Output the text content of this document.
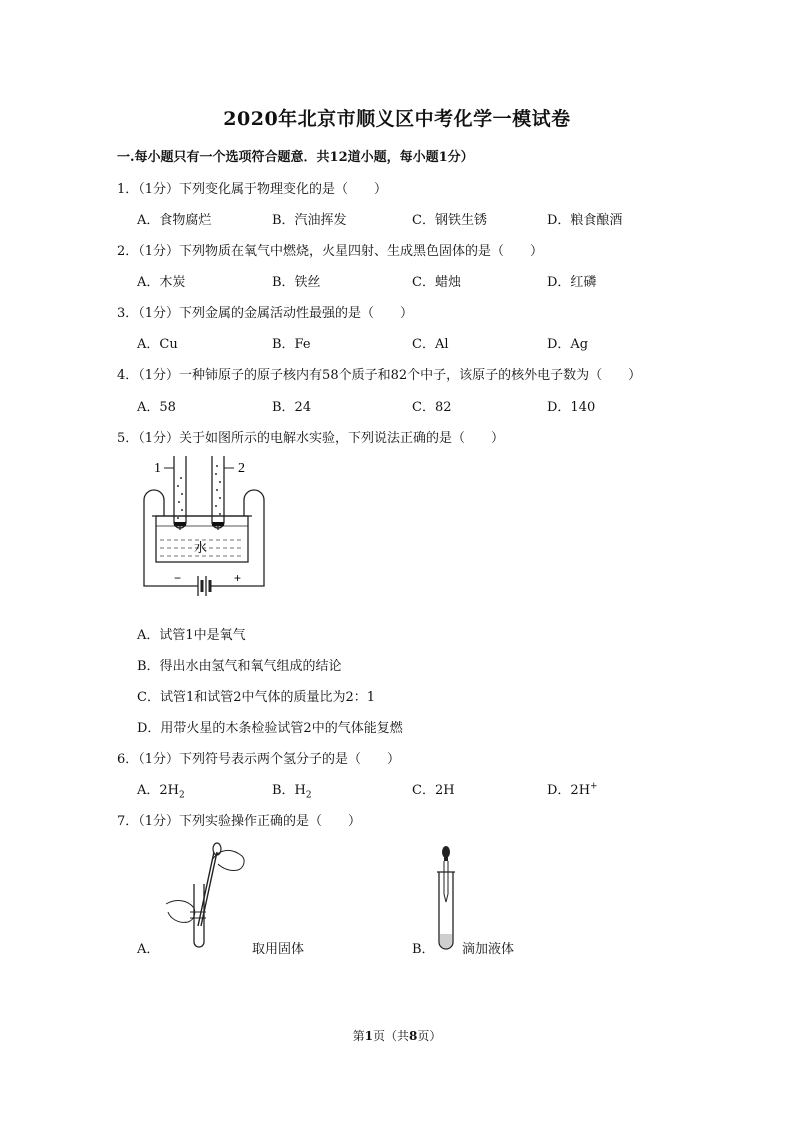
2020年北京市顺义区中考化学一模试卷
一.每小题只有一个选项符合题意．共12道小题，每小题1分）
1．（1分）下列变化属于物理变化的是（　　）
A．食物腐烂	B．汽油挥发	C．钢铁生锈	D．粮食酿酒
2．（1分）下列物质在氧气中燃烧，火星四射、生成黑色固体的是（　　）
A．木炭	B．铁丝	C．蜡烛	D．红磷
3．（1分）下列金属的金属活动性最强的是（　　）
A．Cu	B．Fe	C．Al	D．Ag
4．（1分）一种铈原子的原子核内有58个质子和82个中子，该原子的核外电子数为（　　）
A．58	B．24	C．82	D．140
5．（1分）关于如图所示的电解水实验，下列说法正确的是（　　）
1	2
水
−	+
A．试管1中是氧气
B．得出水由氢气和氧气组成的结论
C．试管1和试管2中气体的质量比为2：1
D．用带火星的木条检验试管2中的气体能复燃
6．（1分）下列符号表示两个氢分子的是（　　）
A．$2H_2$	B．$H_2$	C．2H	D．2H+
7．（1分）下列实验操作正确的是（　　）
A．	取用固体	B． 滴加液体
第1页（共8页）
